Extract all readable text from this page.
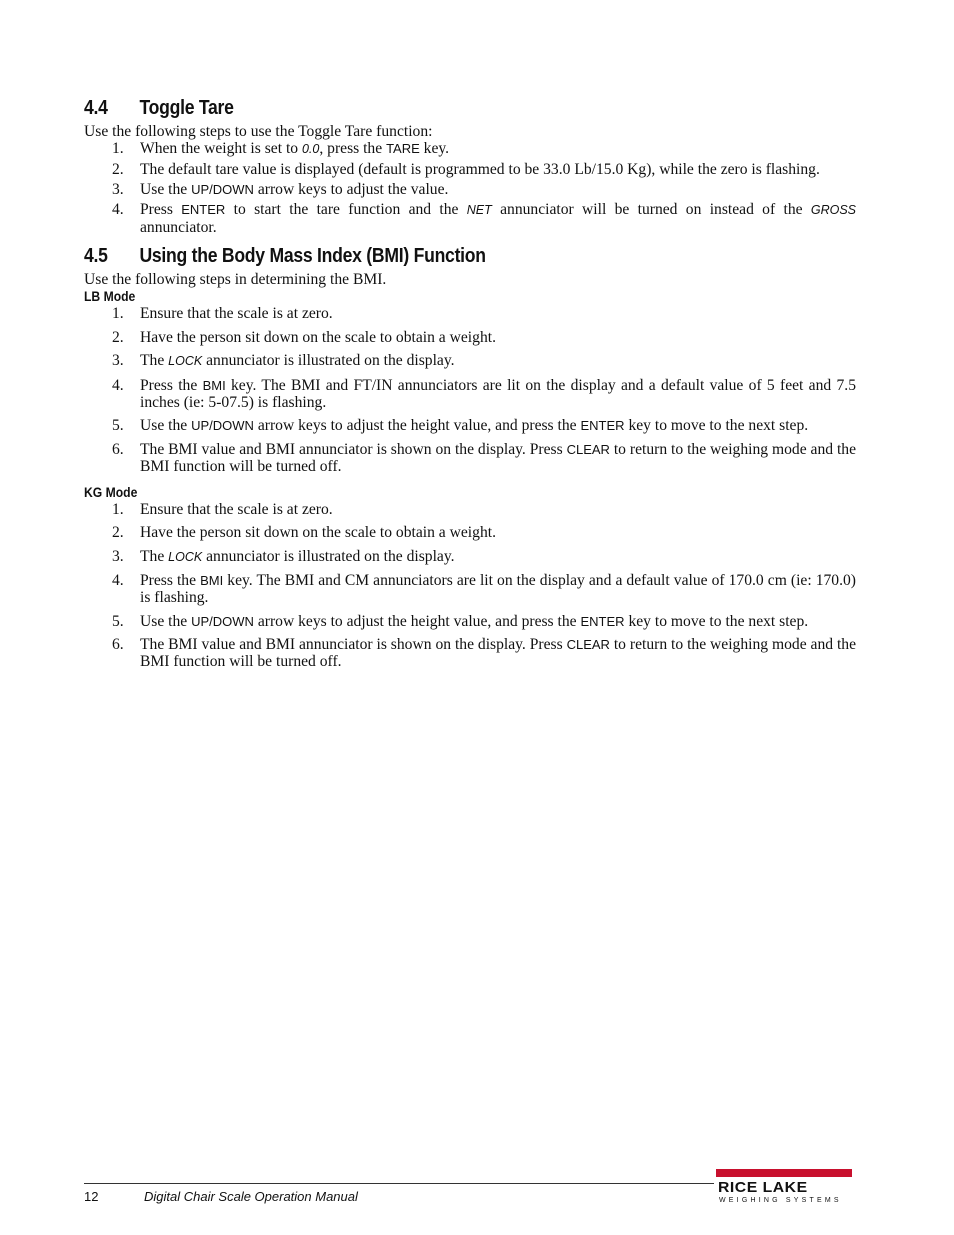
4.4	Toggle Tare

Use the following steps to use the Toggle Tare function:

1. When the weight is set to 0.0, press the TARE key.
2. The default tare value is displayed (default is programmed to be 33.0 Lb/15.0 Kg), while the zero is flashing.
3. Use the UP/DOWN arrow keys to adjust the value.
4. Press ENTER to start the tare function and the NET annunciator will be turned on instead of the GROSS annunciator.
4.5	Using the Body Mass Index (BMI) Function

Use the following steps in determining the BMI.

LB Mode
1. Ensure that the scale is at zero.
2. Have the person sit down on the scale to obtain a weight.
3. The LOCK annunciator is illustrated on the display.
4. Press the BMI key. The BMI and FT/IN annunciators are lit on the display and a default value of 5 feet and 7.5 inches (ie: 5-07.5) is flashing.
5. Use the UP/DOWN arrow keys to adjust the height value, and press the ENTER key to move to the next step.
6. The BMI value and BMI annunciator is shown on the display. Press CLEAR to return to the weighing mode and the BMI function will be turned off.
KG Mode
1. Ensure that the scale is at zero.
2. Have the person sit down on the scale to obtain a weight.
3. The LOCK annunciator is illustrated on the display.
4. Press the BMI key. The BMI and CM annunciators are lit on the display and a default value of 170.0 cm (ie: 170.0) is flashing.
5. Use the UP/DOWN arrow keys to adjust the height value, and press the ENTER key to move to the next step.
6. The BMI value and BMI annunciator is shown on the display. Press CLEAR to return to the weighing mode and the BMI function will be turned off.
12	Digital Chair Scale Operation Manual
RICE LAKE
WEIGHING SYSTEMS
